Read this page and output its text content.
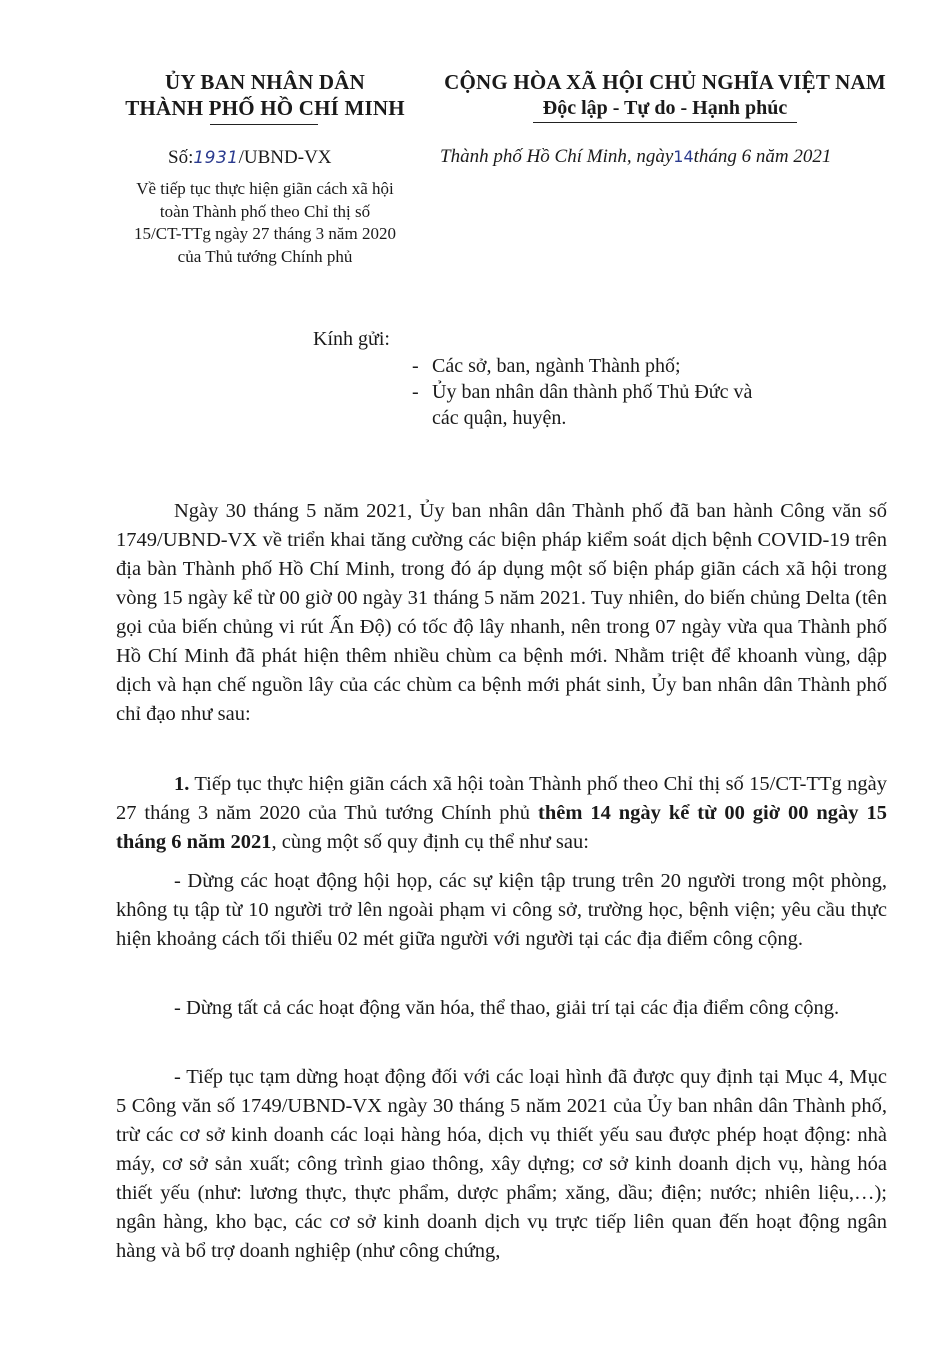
ỦY BAN NHÂN DÂN
THÀNH PHỐ HỒ CHÍ MINH
CỘNG HÒA XÃ HỘI CHỦ NGHĨA VIỆT NAM
Độc lập - Tự do - Hạnh phúc
Số:1931/UBND-VX	Thành phố Hồ Chí Minh, ngày14tháng 6 năm 2021
Về tiếp tục thực hiện giãn cách xã hội
toàn Thành phố theo Chỉ thị số
15/CT-TTg ngày 27 tháng 3 năm 2020
của Thủ tướng Chính phủ
Kính gửi:
- Các sở, ban, ngành Thành phố;
- Ủy ban nhân dân thành phố Thủ Đức và
các quận, huyện.

Ngày 30 tháng 5 năm 2021, Ủy ban nhân dân Thành phố đã ban hành Công văn số 1749/UBND-VX về triển khai tăng cường các biện pháp kiểm soát dịch bệnh COVID-19 trên địa bàn Thành phố Hồ Chí Minh, trong đó áp dụng một số biện pháp giãn cách xã hội trong vòng 15 ngày kể từ 00 giờ 00 ngày 31 tháng 5 năm 2021. Tuy nhiên, do biến chủng Delta (tên gọi của biến chủng vi rút Ấn Độ) có tốc độ lây nhanh, nên trong 07 ngày vừa qua Thành phố Hồ Chí Minh đã phát hiện thêm nhiều chùm ca bệnh mới. Nhằm triệt để khoanh vùng, dập dịch và hạn chế nguồn lây của các chùm ca bệnh mới phát sinh, Ủy ban nhân dân Thành phố chỉ đạo như sau:

1. Tiếp tục thực hiện giãn cách xã hội toàn Thành phố theo Chỉ thị số 15/CT-TTg ngày 27 tháng 3 năm 2020 của Thủ tướng Chính phủ thêm 14 ngày kể từ 00 giờ 00 ngày 15 tháng 6 năm 2021, cùng một số quy định cụ thể như sau:

- Dừng các hoạt động hội họp, các sự kiện tập trung trên 20 người trong một phòng, không tụ tập từ 10 người trở lên ngoài phạm vi công sở, trường học, bệnh viện; yêu cầu thực hiện khoảng cách tối thiểu 02 mét giữa người với người tại các địa điểm công cộng.

- Dừng tất cả các hoạt động văn hóa, thể thao, giải trí tại các địa điểm công cộng.

- Tiếp tục tạm dừng hoạt động đối với các loại hình đã được quy định tại Mục 4, Mục 5 Công văn số 1749/UBND-VX ngày 30 tháng 5 năm 2021 của Ủy ban nhân dân Thành phố, trừ các cơ sở kinh doanh các loại hàng hóa, dịch vụ thiết yếu sau được phép hoạt động: nhà máy, cơ sở sản xuất; công trình giao thông, xây dựng; cơ sở kinh doanh dịch vụ, hàng hóa thiết yếu (như: lương thực, thực phẩm, dược phẩm; xăng, dầu; điện; nước; nhiên liệu,…); ngân hàng, kho bạc, các cơ sở kinh doanh dịch vụ trực tiếp liên quan đến hoạt động ngân hàng và bổ trợ doanh nghiệp (như công chứng,
